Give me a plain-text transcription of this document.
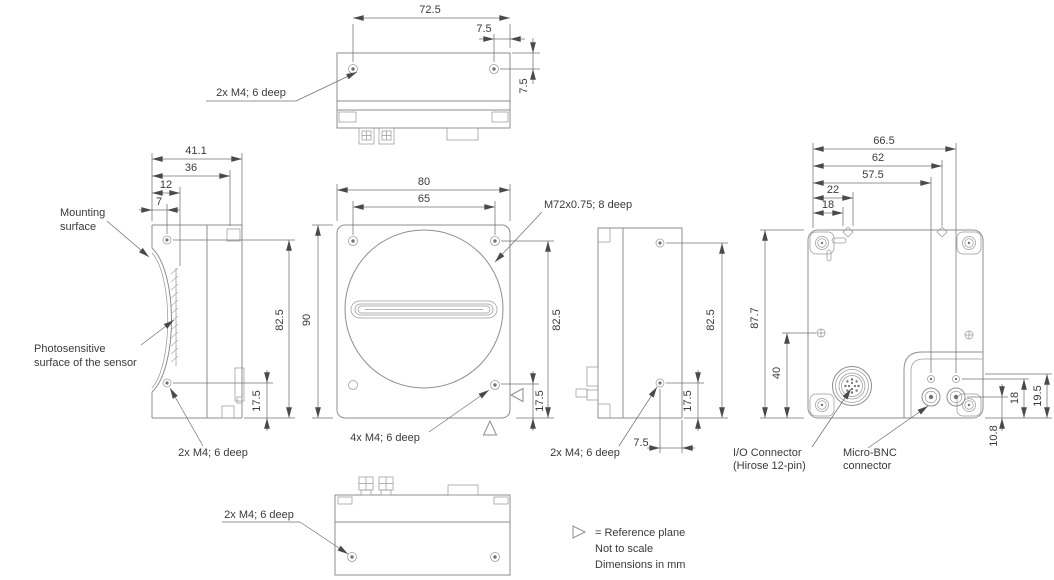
72.5
7.5
7.5
2x M4; 6 deep
41.1
36
12
7
82.5
17.5
Mounting
surface
Photosensitive
surface of the sensor
2x M4; 6 deep
80
65
90	82.5
17.5
M72x0.75; 8 deep
4x M4; 6 deep
82.5
17.5
7.5
2x M4; 6 deep
66.5
62
57.5
22
18
87.7
40
19.5
18
10.8
I/O Connector
(Hirose 12-pin)
Micro-BNC
connector
2x M4; 6 deep
= Reference plane
Not to scale
Dimensions in mm
